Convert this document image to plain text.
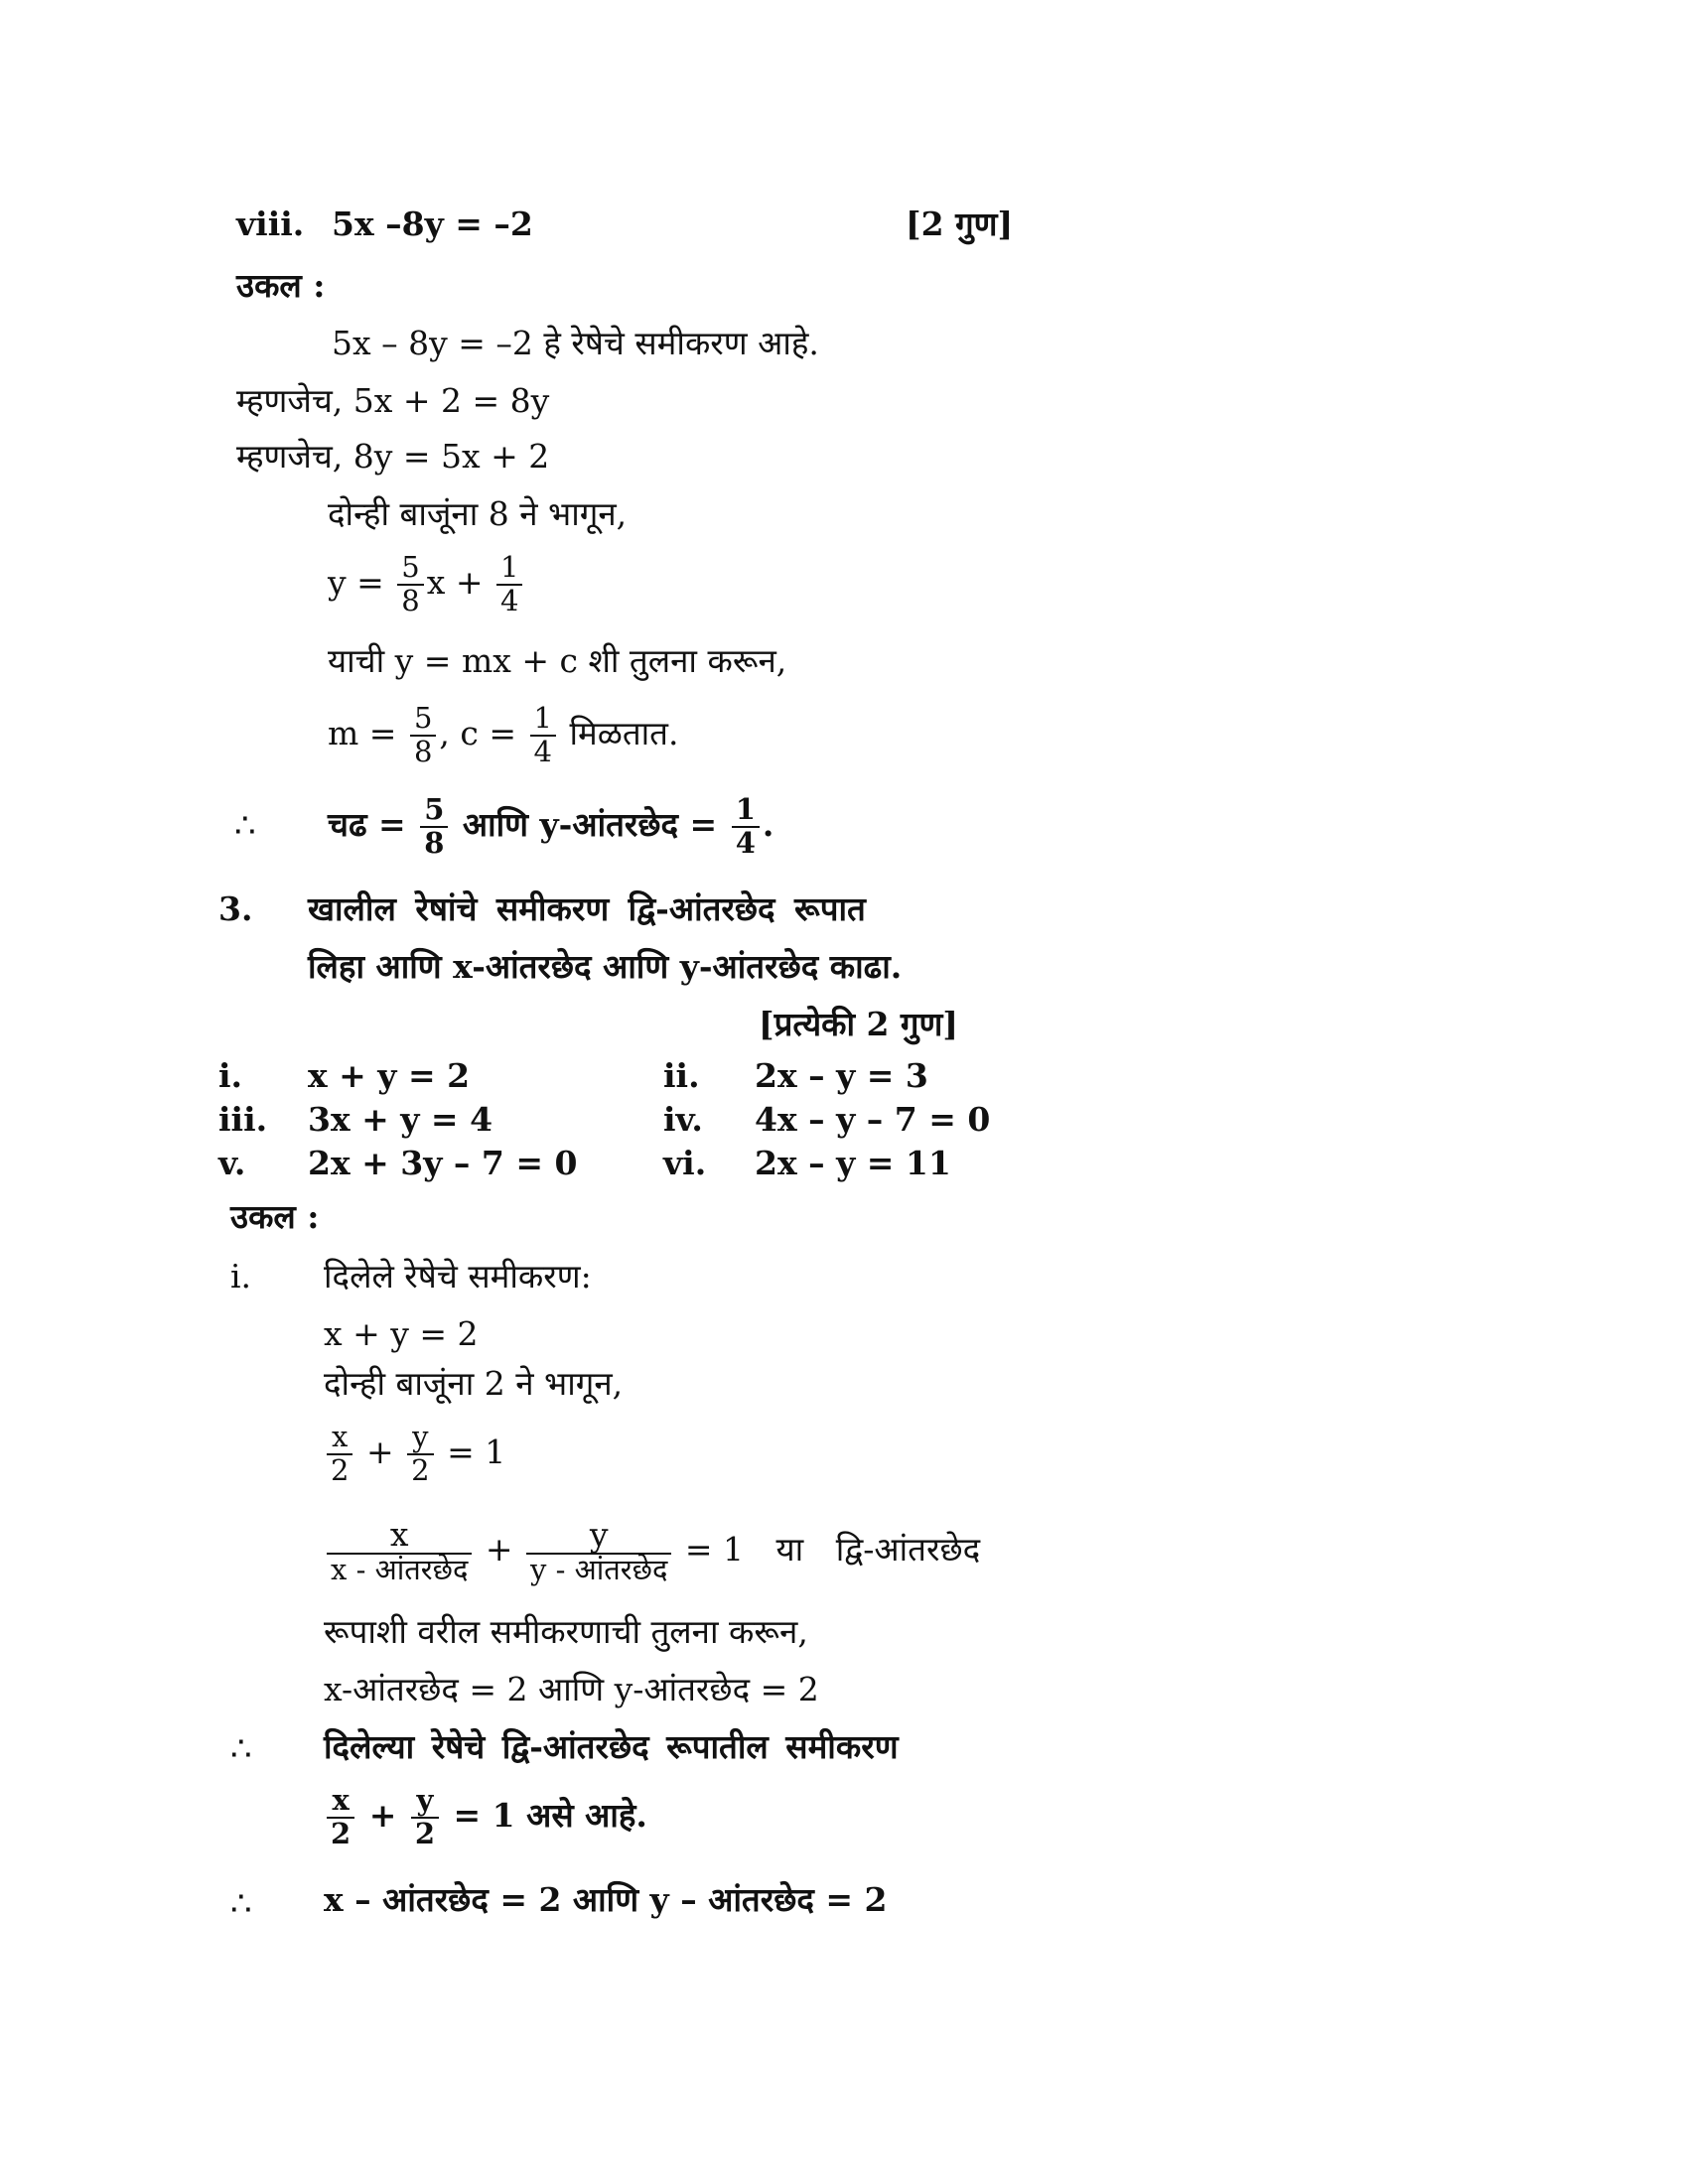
viii. 5x –8y = –2	[2 गुण]
उकल :
5x – 8y = –2 हे रेषेचे समीकरण आहे.
म्हणजेच, 5x + 2 = 8y
म्हणजेच, 8y = 5x + 2
दोन्ही बाजूंना 8 ने भागून,
$y = \frac{5}{8}$ $x + \frac{1}{4}$
याची y = mx + c शी तुलना करून,
$m = \frac{5}{8}$ , $c = \frac{1}{4}$ मिळतात.
∴ चढ = $\frac{5}{8}$ आणि y-आंतरछेद = $\frac{1}{4}$ .
3. खालील रेषांचे समीकरण द्वि-आंतरछेद रूपात
लिहा आणि x-आंतरछेद आणि y-आंतरछेद काढा.
[प्रत्येकी 2 गुण]
i. x + y = 2	ii. 2x – y = 3
iii. 3x + y = 4	iv. 4x – y – 7 = 0
v. 2x + 3y – 7 = 0	vi. 2x – y = 11
उकल :
i. दिलेले रेषेचे समीकरण:
x + y = 2
दोन्ही बाजूंना 2 ने भागून,
$\frac{x}{2} + \frac{y}{2} = 1$
$\frac{x}{\text{x - आंतरछेद}} + \frac{y}{\text{y - आंतरछेद}} = 1$ या द्वि-आंतरछेद
रूपाशी वरील समीकरणाची तुलना करून,
x-आंतरछेद = 2 आणि y-आंतरछेद = 2
∴ दिलेल्या रेषेचे द्वि-आंतरछेद रूपातील समीकरण
$\frac{x}{2} + \frac{y}{2} = 1$ असे आहे.
∴ x – आंतरछेद = 2 आणि y – आंतरछेद = 2
